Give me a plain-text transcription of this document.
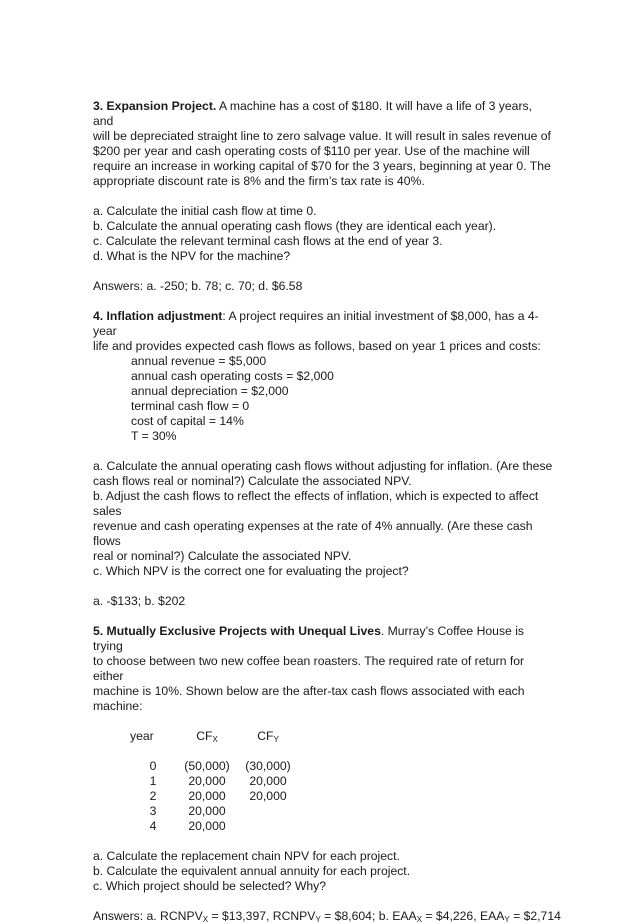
3. Expansion Project. A machine has a cost of $180. It will have a life of 3 years, and

will be depreciated straight line to zero salvage value. It will result in sales revenue of

$200 per year and cash operating costs of $110 per year. Use of the machine will

require an increase in working capital of $70 for the 3 years, beginning at year 0. The

appropriate discount rate is 8% and the firm’s tax rate is 40%.

a. Calculate the initial cash flow at time 0.

b. Calculate the annual operating cash flows (they are identical each year).

c. Calculate the relevant terminal cash flows at the end of year 3.

d. What is the NPV for the machine?

Answers: a. -250; b. 78; c. 70; d. $6.58

4. Inflation adjustment: A project requires an initial investment of $8,000, has a 4-year

life and provides expected cash flows as follows, based on year 1 prices and costs:

annual revenue = $5,000

annual cash operating costs = $2,000

annual depreciation = $2,000

terminal cash flow = 0

cost of capital = 14%

T = 30%

a. Calculate the annual operating cash flows without adjusting for inflation. (Are these

cash flows real or nominal?) Calculate the associated NPV.

b. Adjust the cash flows to reflect the effects of inflation, which is expected to affect sales

revenue and cash operating expenses at the rate of 4% annually. (Are these cash flows

real or nominal?) Calculate the associated NPV.

c. Which NPV is the correct one for evaluating the project?

a. -$133; b. $202

5. Mutually Exclusive Projects with Unequal Lives. Murray’s Coffee House is trying

to choose between two new coffee bean roasters. The required rate of return for either

machine is 10%. Shown below are the after-tax cash flows associated with each

machine:

year	$CF_X$	$CF_Y$
0	(50,000)	(30,000)
1	20,000	20,000
2	20,000	20,000
3	20,000
4	20,000

a. Calculate the replacement chain NPV for each project.

b. Calculate the equivalent annual annuity for each project.

c. Which project should be selected? Why?

Answers: a. $RCNPV_X$ = $13,397, $RCNPV_Y$ = $8,604; b. $EAA_X$ = $4,226, $EAA_Y$ = $2,714
